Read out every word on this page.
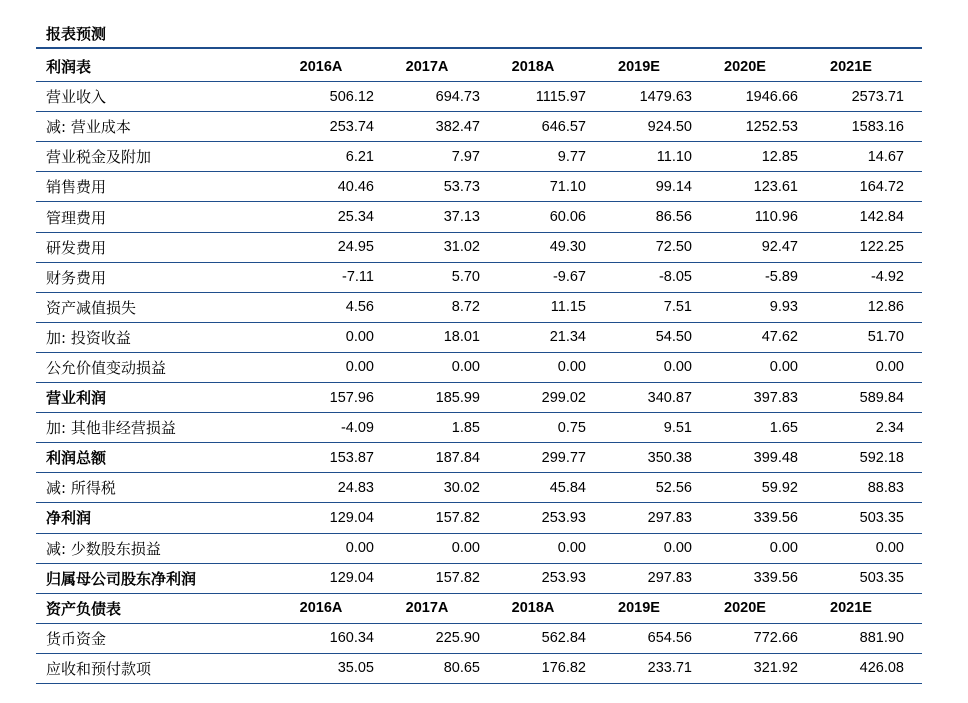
报表预测
利润表	2016A	2017A	2018A	2019E	2020E	2021E
营业收入	506.12	694.73	1115.97	1479.63	1946.66	2573.71
减: 营业成本	253.74	382.47	646.57	924.50	1252.53	1583.16
营业税金及附加	6.21	7.97	9.77	11.10	12.85	14.67
销售费用	40.46	53.73	71.10	99.14	123.61	164.72
管理费用	25.34	37.13	60.06	86.56	110.96	142.84
研发费用	24.95	31.02	49.30	72.50	92.47	122.25
财务费用	-7.11	5.70	-9.67	-8.05	-5.89	-4.92
资产减值损失	4.56	8.72	11.15	7.51	9.93	12.86
加: 投资收益	0.00	18.01	21.34	54.50	47.62	51.70
公允价值变动损益	0.00	0.00	0.00	0.00	0.00	0.00
营业利润	157.96	185.99	299.02	340.87	397.83	589.84
加: 其他非经营损益	-4.09	1.85	0.75	9.51	1.65	2.34
利润总额	153.87	187.84	299.77	350.38	399.48	592.18
减: 所得税	24.83	30.02	45.84	52.56	59.92	88.83
净利润	129.04	157.82	253.93	297.83	339.56	503.35
减: 少数股东损益	0.00	0.00	0.00	0.00	0.00	0.00
归属母公司股东净利润	129.04	157.82	253.93	297.83	339.56	503.35
资产负债表	2016A	2017A	2018A	2019E	2020E	2021E
货币资金	160.34	225.90	562.84	654.56	772.66	881.90
应收和预付款项	35.05	80.65	176.82	233.71	321.92	426.08
